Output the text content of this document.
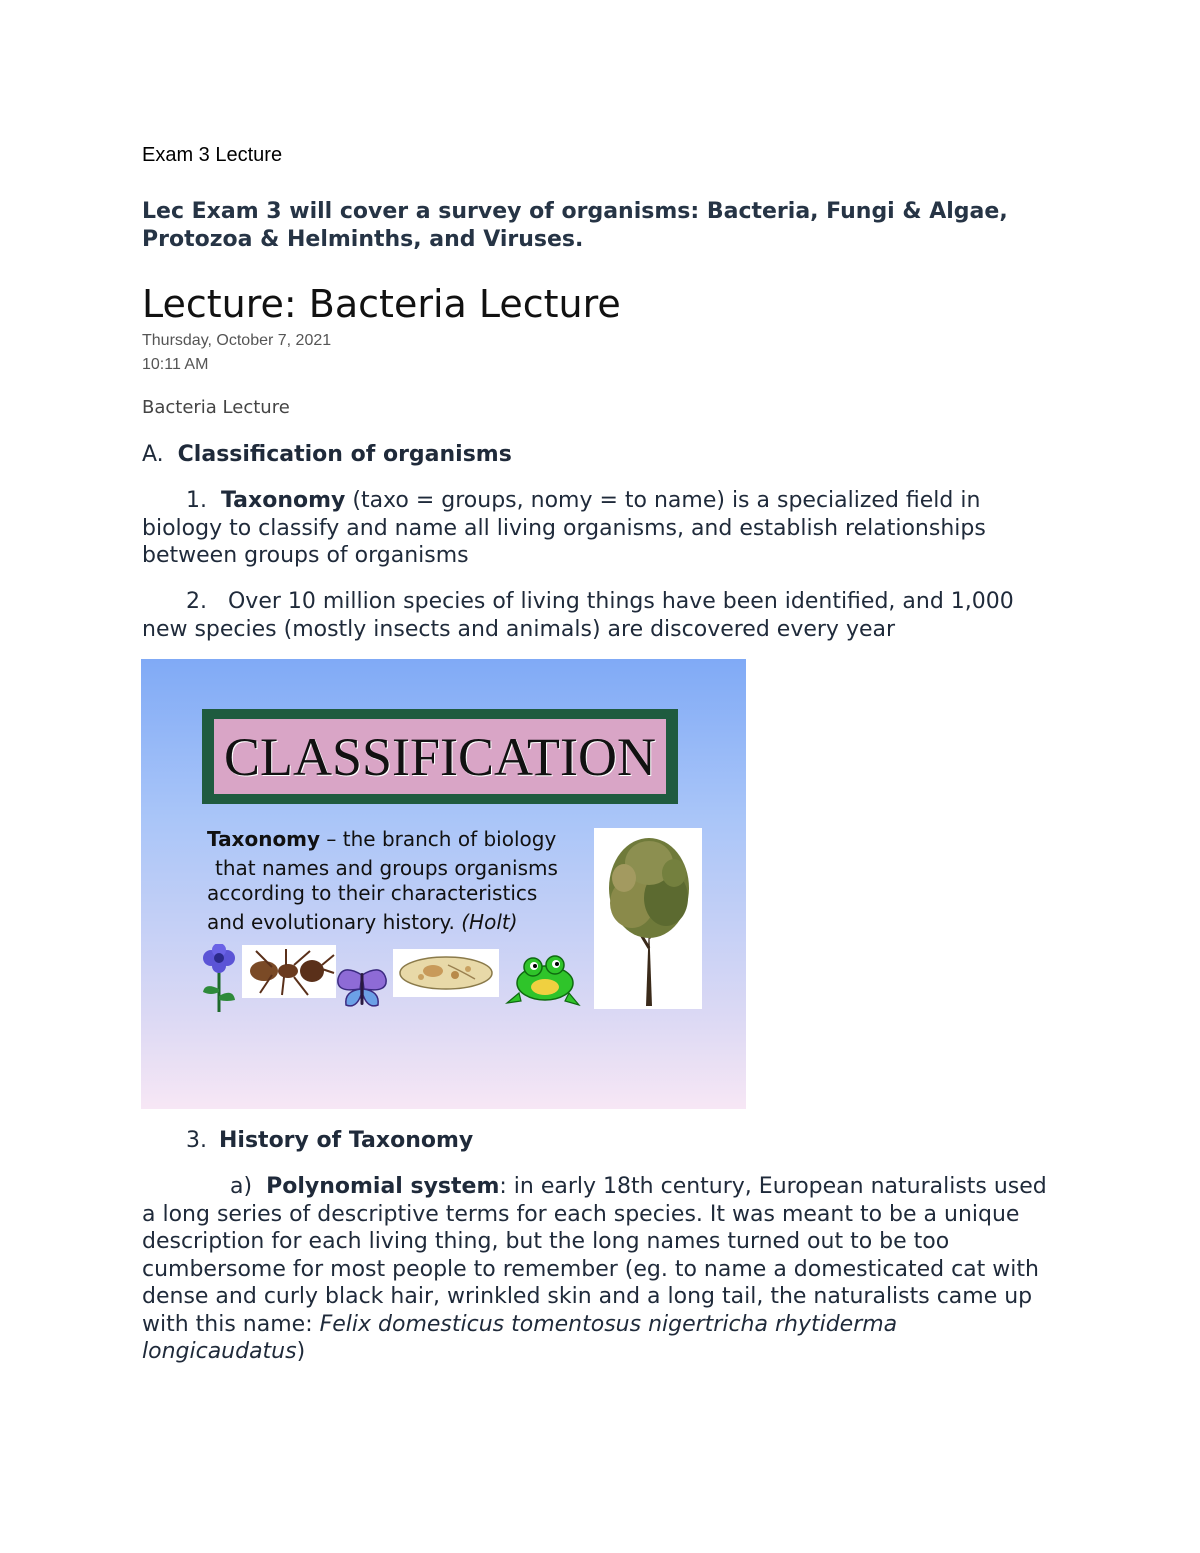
Exam 3 Lecture
Lec Exam 3 will cover a survey of organisms: Bacteria, Fungi & Algae, Protozoa & Helminths, and Viruses.
Lecture: Bacteria Lecture
Thursday, October 7, 2021
10:11 AM
Bacteria Lecture
A. Classification of organisms
1. Taxonomy (taxo = groups, nomy = to name) is a specialized field in biology to classify and name all living organisms, and establish relationships between groups of organisms
2. Over 10 million species of living things have been identified, and 1,000 new species (mostly insects and animals) are discovered every year
CLASSIFICATION
Taxonomy – the branch of biology
that names and groups organisms
according to their characteristics
and evolutionary history. (Holt)
3. History of Taxonomy
a) Polynomial system: in early 18th century, European naturalists used a long series of descriptive terms for each species. It was meant to be a unique description for each living thing, but the long names turned out to be too cumbersome for most people to remember (eg. to name a domesticated cat with dense and curly black hair, wrinkled skin and a long tail, the naturalists came up with this name: Felix domesticus tomentosus nigertricha rhytiderma longicaudatus)
